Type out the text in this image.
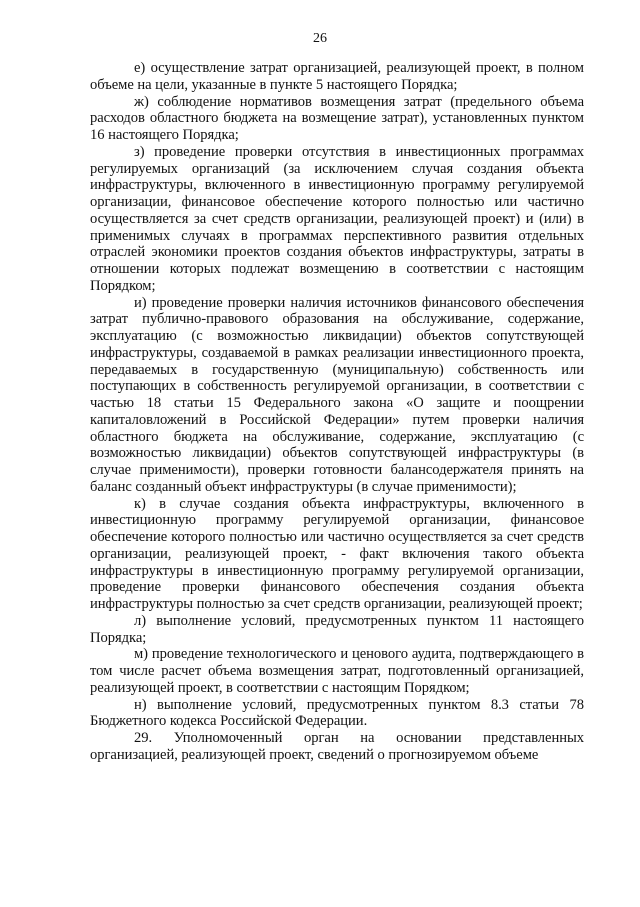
26

е) осуществление затрат организацией, реализующей проект, в полном объеме на цели, указанные в пункте 5 настоящего Порядка;

ж) соблюдение нормативов возмещения затрат (предельного объема расходов областного бюджета на возмещение затрат), установленных пунктом 16 настоящего Порядка;

з) проведение проверки отсутствия в инвестиционных программах регулируемых организаций (за исключением случая создания объекта инфраструктуры, включенного в инвестиционную программу регулируемой организации, финансовое обеспечение которого полностью или частично осуществляется за счет средств организации, реализующей проект) и (или) в применимых случаях в программах перспективного развития отдельных отраслей экономики проектов создания объектов инфраструктуры, затраты в отношении которых подлежат возмещению в соответствии с настоящим Порядком;

и) проведение проверки наличия источников финансового обеспечения затрат публично-правового образования на обслуживание, содержание, эксплуатацию (с возможностью ликвидации) объектов сопутствующей инфраструктуры, создаваемой в рамках реализации инвестиционного проекта, передаваемых в государственную (муниципальную) собственность или поступающих в собственность регулируемой организации, в соответствии с частью 18 статьи 15 Федерального закона «О защите и поощрении капиталовложений в Российской Федерации» путем проверки наличия областного бюджета на обслуживание, содержание, эксплуатацию (с возможностью ликвидации) объектов сопутствующей инфраструктуры (в случае применимости), проверки готовности балансодержателя принять на баланс созданный объект инфраструктуры (в случае применимости);

к) в случае создания объекта инфраструктуры, включенного в инвестиционную программу регулируемой организации, финансовое обеспечение которого полностью или частично осуществляется за счет средств организации, реализующей проект, - факт включения такого объекта инфраструктуры в инвестиционную программу регулируемой организации, проведение проверки финансового обеспечения создания объекта инфраструктуры полностью за счет средств организации, реализующей проект;

л) выполнение условий, предусмотренных пунктом 11 настоящего Порядка;

м) проведение технологического и ценового аудита, подтверждающего в том числе расчет объема возмещения затрат, подготовленный организацией, реализующей проект, в соответствии с настоящим Порядком;

н) выполнение условий, предусмотренных пунктом 8.3 статьи 78 Бюджетного кодекса Российской Федерации.

29. Уполномоченный орган на основании представленных организацией, реализующей проект, сведений о прогнозируемом объеме
